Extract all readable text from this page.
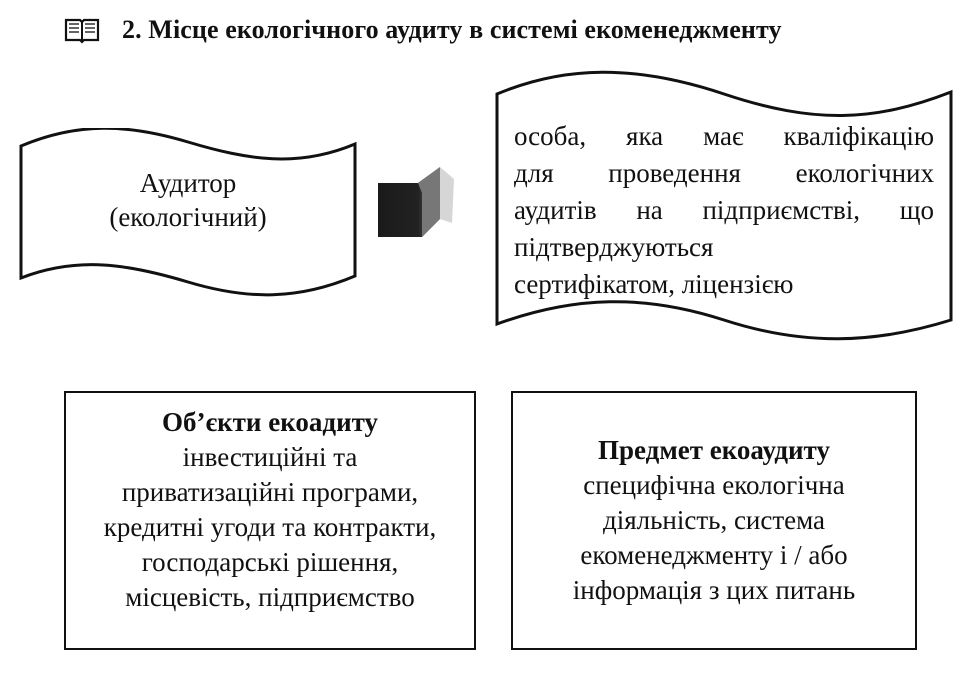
2. Місце екологічного аудиту в системі екоменеджменту
Аудитор
(екологічний)
особа, яка має кваліфікацію
для проведення екологічних
аудитів на підприємстві, що
підтверджуються
сертифікатом, ліцензією
Об’єкти екоадиту
інвестиційні та
приватизаційні програми,
кредитні угоди та контракти,
господарські рішення,
місцевість, підприємство
Предмет екоаудиту
специфічна екологічна
діяльність, система
екоменеджменту і / або
інформація з цих питань
